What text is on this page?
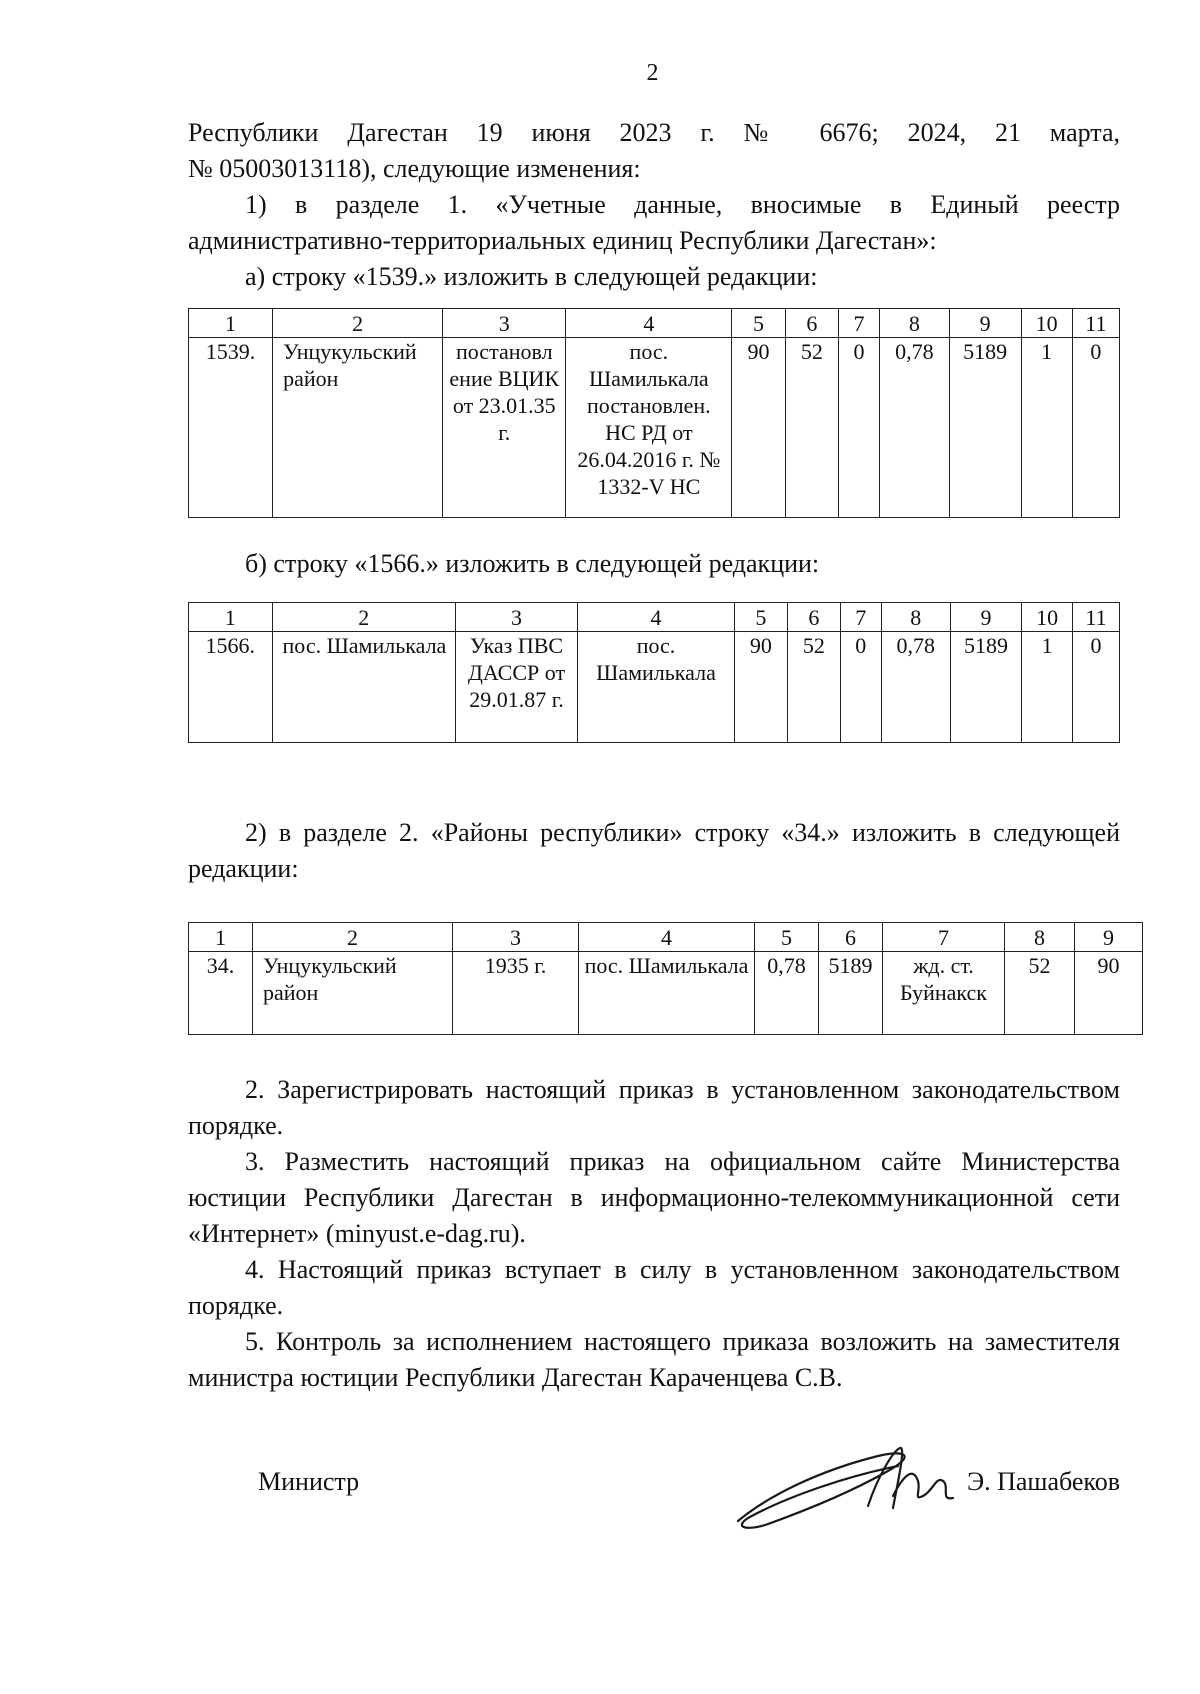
2

Республики Дагестан 19 июня 2023 г. № 6676; 2024, 21 марта,

№ 05003013118), следующие изменения:

1) в разделе 1. «Учетные данные, вносимые в Единый реестр административно-территориальных единиц Республики Дагестан»:

а) строку «1539.» изложить в следующей редакции:

1	2	3	4	5	6	7	8	9	10	11
1539.	Унцукульский район	постановл ение ВЦИК от 23.01.35 г.	пос. Шамилькала постановлен. НС РД от 26.04.2016 г. № 1332-V НС	90	52	0	0,78	5189	1	0

б) строку «1566.» изложить в следующей редакции:

1	2	3	4	5	6	7	8	9	10	11
1566.	пос. Шамилькала	Указ ПВС ДАССР от 29.01.87 г.	пос. Шамилькала	90	52	0	0,78	5189	1	0

2) в разделе 2. «Районы республики» строку «34.» изложить в следующей редакции:

1	2	3	4	5	6	7	8	9
34.	Унцукульский район	1935 г.	пос. Шамилькала	0,78	5189	жд. ст. Буйнакск	52	90

2. Зарегистрировать настоящий приказ в установленном законодательством порядке.

3. Разместить настоящий приказ на официальном сайте Министерства юстиции Республики Дагестан в информационно-телекоммуникационной сети «Интернет» (minyust.e-dag.ru).

4. Настоящий приказ вступает в силу в установленном законодательством порядке.

5. Контроль за исполнением настоящего приказа возложить на заместителя министра юстиции Республики Дагестан Караченцева С.В.

Министр	Э. Пашабеков
